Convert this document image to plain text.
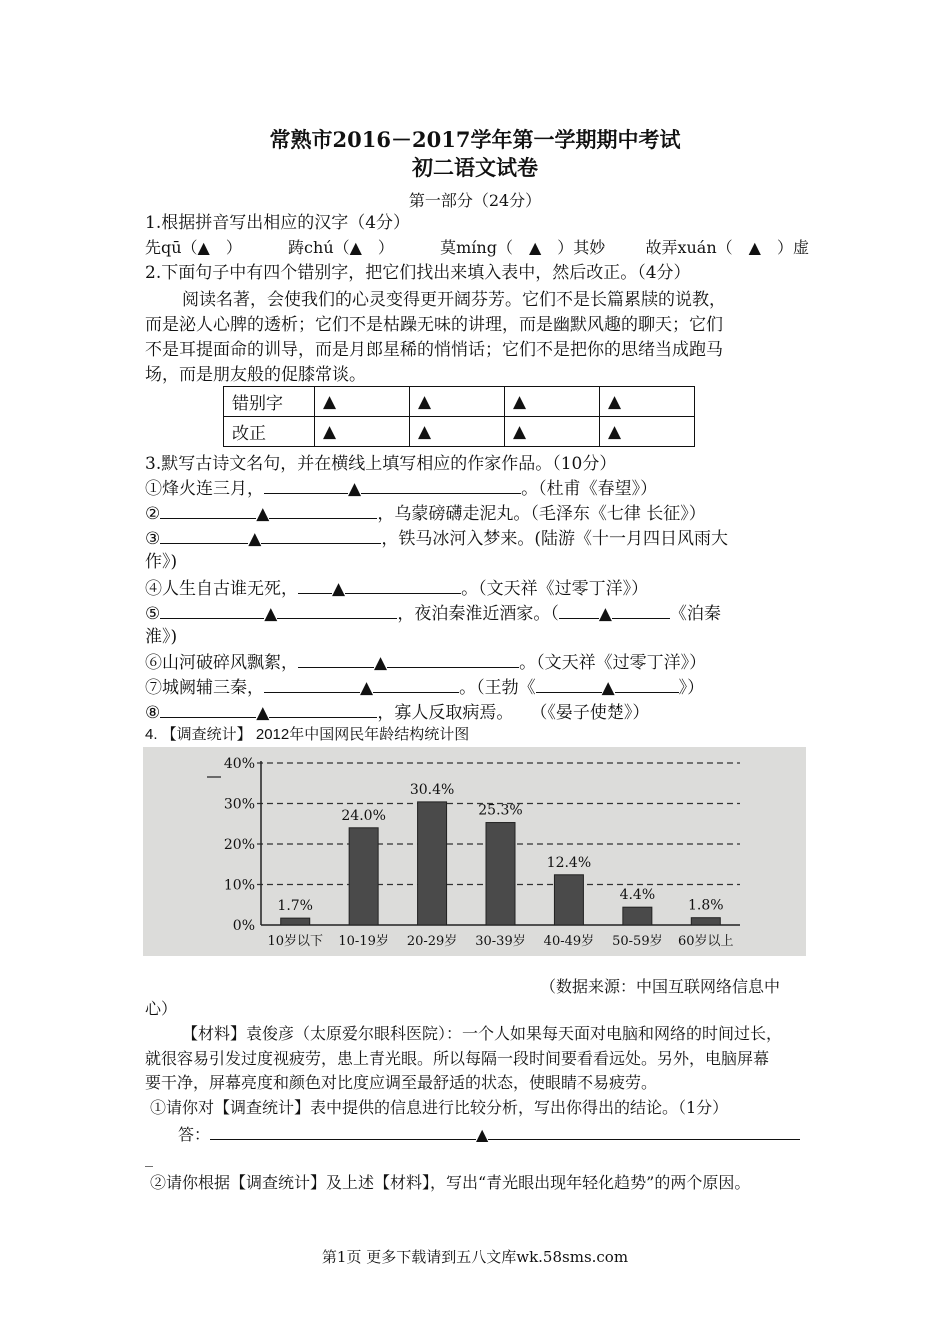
常熟市2016－2017学年第一学期期中考试
初二语文试卷
第一部分（24分）
1.根据拼音写出相应的汉字（4分）
先qū（▲　）	踌chú（▲　）	莫míng（　▲　）其妙	故弄xuán（　▲　）虚
2.下面句子中有四个错别字，把它们找出来填入表中，然后改正。（4分）
阅读名著，会使我们的心灵变得更开阔芬芳。它们不是长篇累牍的说教，
而是泌人心脾的透析；它们不是枯躁无味的讲理，而是幽默风趣的聊天；它们
不是耳提面命的训导，而是月郎星稀的悄悄话；它们不是把你的思绪当成跑马
场，而是朋友般的促膝常谈。
错别字	▲	▲	▲	▲
改正	▲	▲	▲	▲
3.默写古诗文名句，并在横线上填写相应的作家作品。（10分）
①烽火连三月，	▲	。（杜甫《春望》）
②	▲	，乌蒙磅礴走泥丸。（毛泽东《七律 长征》）
③	▲	，铁马冰河入梦来。(陆游《十一月四日风雨大
作》)
④人生自古谁无死， ▲	。（文天祥《过零丁洋》）
⑤	▲	，夜泊秦淮近酒家。（ ▲	《泊秦
淮》)
⑥山河破碎风飘絮，	▲	。（文天祥《过零丁洋》）
⑦城阙辅三秦，	▲	。（王勃《	▲	》）
⑧	▲	，寡人反取病焉。　　（《晏子使楚》）
4. 【调查统计】 2012年中国网民年龄结构统计图
0%
10%
20%
30%
40%
1.7%
10岁以下
24.0%
10-19岁
30.4%
20-29岁
25.3%
30-39岁
12.4%
40-49岁
4.4%
50-59岁
1.8%
60岁以上
（数据来源：中国互联网络信息中
心）
【材料】袁俊彦（太原爱尔眼科医院）：一个人如果每天面对电脑和网络的时间过长，
就很容易引发过度视疲劳，患上青光眼。所以每隔一段时间要看看远处。另外，电脑屏幕
要干净，屏幕亮度和颜色对比度应调至最舒适的状态，使眼睛不易疲劳。
①请你对【调查统计】表中提供的信息进行比较分析，写出你得出的结论。（1分）
答：	▲
_
②请你根据【调查统计】及上述【材料】，写出“青光眼出现年轻化趋势”的两个原因。
第1页 更多下载请到五八文库wk.58sms.com
